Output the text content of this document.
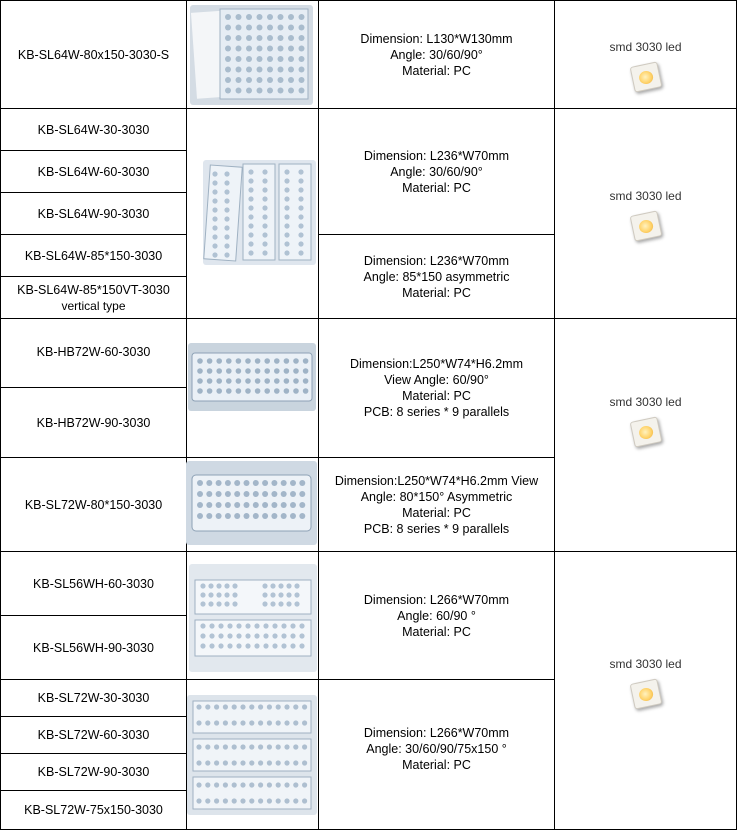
KB-SL64W-80x150-3030-S
KB-SL64W-30-3030
KB-SL64W-60-3030
KB-SL64W-90-3030
KB-SL64W-85*150-3030
KB-SL64W-85*150VT-3030
vertical type
KB-HB72W-60-3030
KB-HB72W-90-3030
KB-SL72W-80*150-3030
KB-SL56WH-60-3030
KB-SL56WH-90-3030
KB-SL72W-30-3030
KB-SL72W-60-3030
KB-SL72W-90-3030
KB-SL72W-75x150-3030
Dimension: L130*W130mm
Angle: 30/60/90°
Material: PC
Dimension: L236*W70mm
Angle: 30/60/90°
Material: PC
Dimension: L236*W70mm
Angle: 85*150 asymmetric
Material: PC
Dimension:L250*W74*H6.2mm
View Angle: 60/90°
Material: PC
PCB: 8 series * 9 parallels
Dimension:L250*W74*H6.2mm View
Angle: 80*150° Asymmetric
Material: PC
PCB: 8 series * 9 parallels
Dimension: L266*W70mm
Angle: 60/90 °
Material: PC
Dimension: L266*W70mm
Angle: 30/60/90/75x150 °
Material: PC
smd 3030 led
smd 3030 led
smd 3030 led
smd 3030 led
